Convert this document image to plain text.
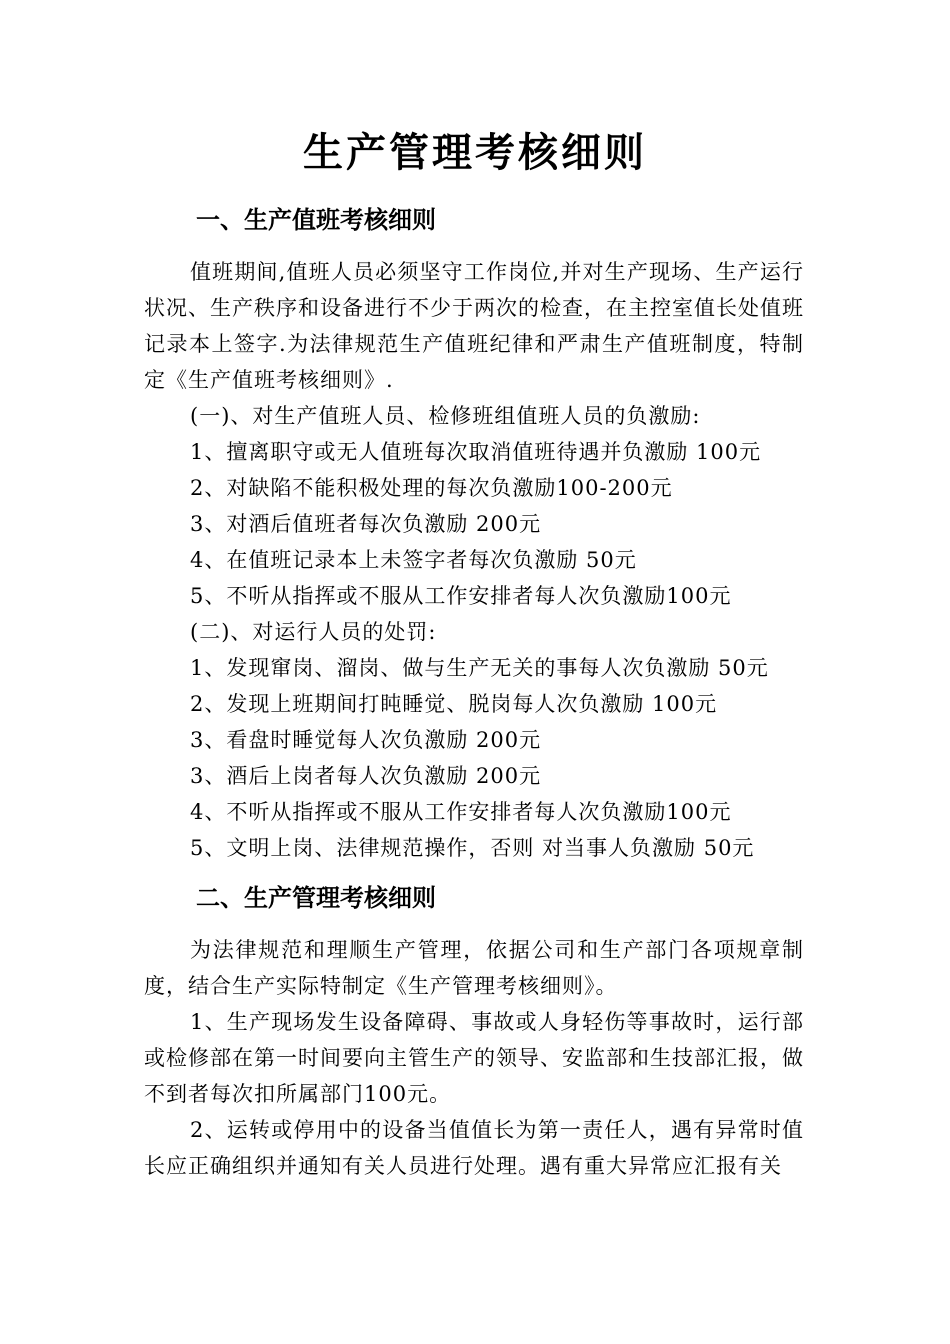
生产管理考核细则
一、生产值班考核细则

值班期间,值班人员必须坚守工作岗位,并对生产现场、生产运行状况、生产秩序和设备进行不少于两次的检查，在主控室值长处值班记录本上签字.为法律规范生产值班纪律和严肃生产值班制度，特制定《生产值班考核细则》.

(一)、对生产值班人员、检修班组值班人员的负激励:

1、擅离职守或无人值班每次取消值班待遇并负激励 100元

2、对缺陷不能积极处理的每次负激励100-200元

3、对酒后值班者每次负激励 200元

4、在值班记录本上未签字者每次负激励 50元

5、不听从指挥或不服从工作安排者每人次负激励100元

(二)、对运行人员的处罚:

1、发现窜岗、溜岗、做与生产无关的事每人次负激励 50元

2、发现上班期间打盹睡觉、脱岗每人次负激励 100元

3、看盘时睡觉每人次负激励 200元

3、酒后上岗者每人次负激励 200元

4、不听从指挥或不服从工作安排者每人次负激励100元

5、文明上岗、法律规范操作，否则 对当事人负激励 50元

二、生产管理考核细则

为法律规范和理顺生产管理，依据公司和生产部门各项规章制度，结合生产实际特制定《生产管理考核细则》。

1、生产现场发生设备障碍、事故或人身轻伤等事故时，运行部或检修部在第一时间要向主管生产的领导、安监部和生技部汇报，做不到者每次扣所属部门100元。

2、运转或停用中的设备当值值长为第一责任人，遇有异常时值长应正确组织并通知有关人员进行处理。遇有重大异常应汇报有关
